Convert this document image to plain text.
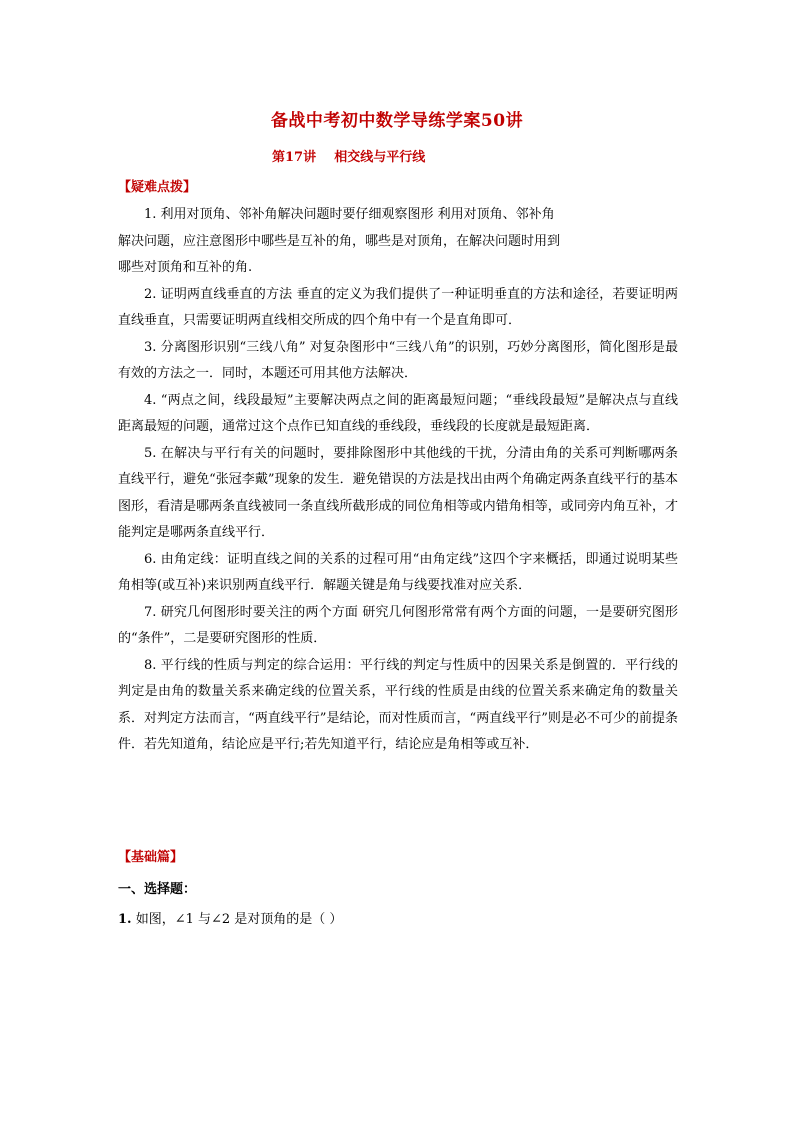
备战中考初中数学导练学案50讲
第17讲    相交线与平行线
【疑难点拨】

1. 利用对顶角、邻补角解决问题时要仔细观察图形 利用对顶角、邻补角

解决问题，应注意图形中哪些是互补的角，哪些是对顶角，在解决问题时用到

哪些对顶角和互补的角.

2. 证明两直线垂直的方法 垂直的定义为我们提供了一种证明垂直的方法和途径，若要证明两直线垂直，只需要证明两直线相交所成的四个角中有一个是直角即可．

3. 分离图形识别“三线八角” 对复杂图形中“三线八角”的识别，巧妙分离图形，简化图形是最有效的方法之一．同时，本题还可用其他方法解决．

4. “两点之间，线段最短”主要解决两点之间的距离最短问题；“垂线段最短”是解决点与直线距离最短的问题，通常过这个点作已知直线的垂线段，垂线段的长度就是最短距离．

5. 在解决与平行有关的问题时，要排除图形中其他线的干扰，分清由角的关系可判断哪两条直线平行，避免“张冠李戴”现象的发生．避免错误的方法是找出由两个角确定两条直线平行的基本图形，看清是哪两条直线被同一条直线所截形成的同位角相等或内错角相等，或同旁内角互补，才能判定是哪两条直线平行．

6. 由角定线：证明直线之间的关系的过程可用“由角定线”这四个字来概括，即通过说明某些角相等(或互补)来识别两直线平行．解题关键是角与线要找准对应关系．

7. 研究几何图形时要关注的两个方面 研究几何图形常常有两个方面的问题，一是要研究图形的“条件”，二是要研究图形的性质．

8. 平行线的性质与判定的综合运用：平行线的判定与性质中的因果关系是倒置的．平行线的判定是由角的数量关系来确定线的位置关系，平行线的性质是由线的位置关系来确定角的数量关系．对判定方法而言，“两直线平行”是结论，而对性质而言，“两直线平行”则是必不可少的前提条件．若先知道角，结论应是平行;若先知道平行，结论应是角相等或互补．

【基础篇】
一、选择题：
1. 如图，∠1 与∠2 是对顶角的是（ ）
